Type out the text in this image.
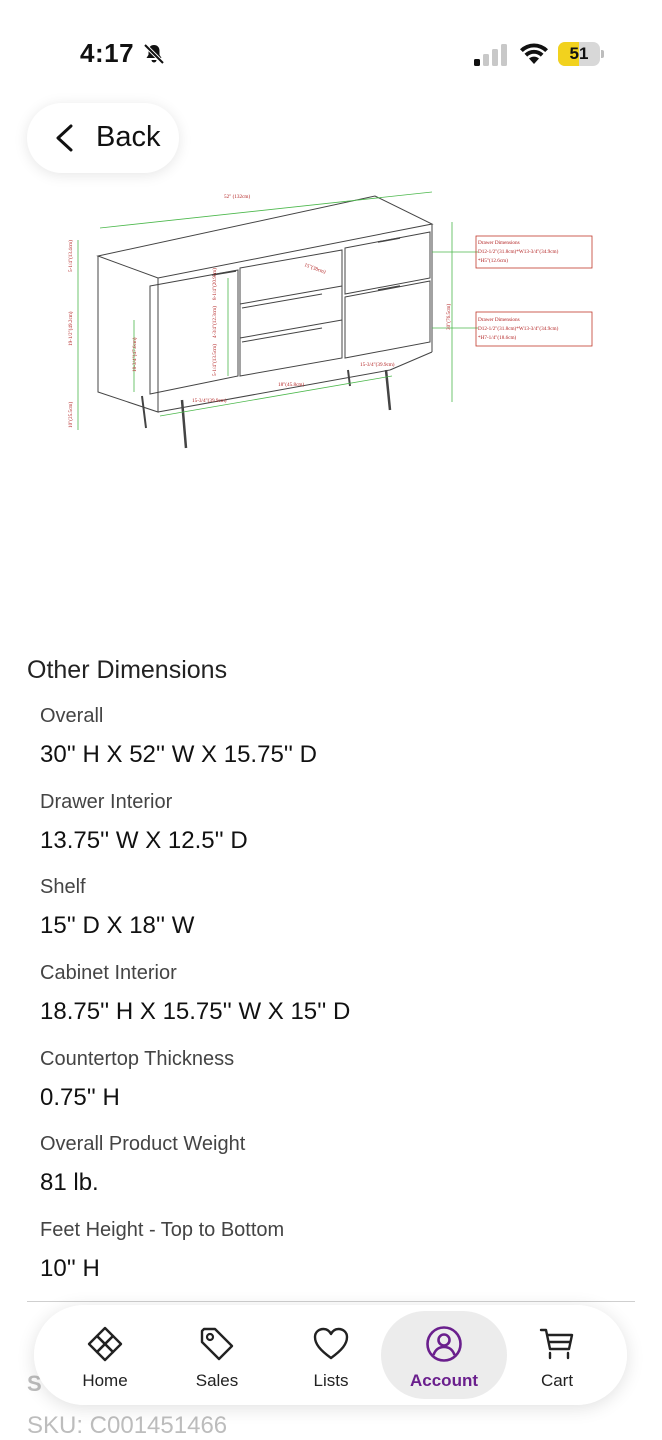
4:17	51
Back
52" (132cm)
Drawer Dimensions
D12-1/2"(31.8cm)*W13-3/4"(34.9cm)
*H5"(12.6cm)
Drawer Dimensions
D12-1/2"(31.8cm)*W13-3/4"(34.9cm)
*H7-1/4"(18.6cm)
8-1/4"(20.9cm)
4-3/4"(12.3cm)
5-1/4"(13.5cm)
15"(38cm)
5-1/4"(13.4cm)
19-1/2"(49.2cm)
10"(25.5cm)
18-3/4"(47.6cm)
30"(76.5cm)
15-3/4"(39.9cm)
18"(45.8cm)
15-3/4"(39.9cm)
Other Dimensions
Overall
30'' H X 52'' W X 15.75'' D
Drawer Interior
13.75'' W X 12.5'' D
Shelf
15'' D X 18'' W
Cabinet Interior
18.75'' H X 15.75'' W X 15'' D
Countertop Thickness
0.75'' H
Overall Product Weight
81 lb.
Feet Height - Top to Bottom
10'' H
S
SKU: C001451466
Home	Sales	Lists	Account	Cart
